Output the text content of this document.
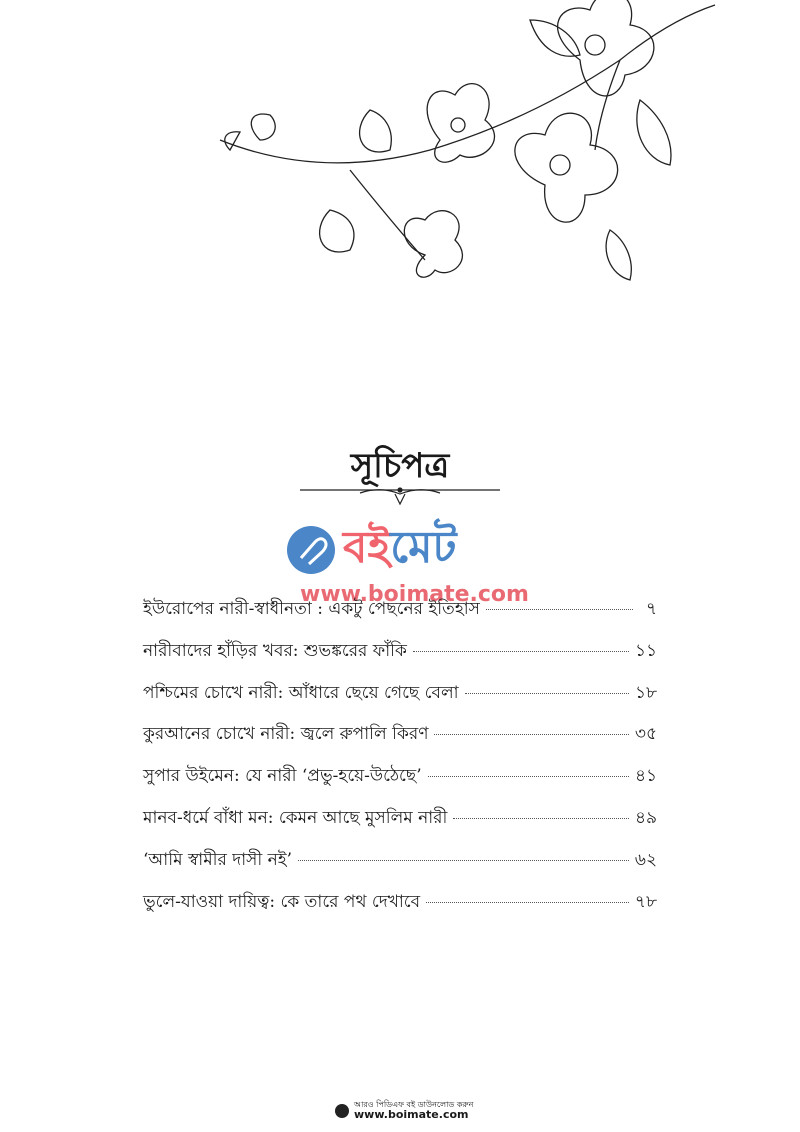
সূচিপত্র
বইমেট
www.boimate.com
ইউরোপের নারী-স্বাধীনতা : একটু পেছনের ইতিহাস	৭
নারীবাদের হাঁড়ির খবর: শুভঙ্করের ফাঁকি	১১
পশ্চিমের চোখে নারী: আঁধারে ছেয়ে গেছে বেলা	১৮
কুরআনের চোখে নারী: জ্বলে রুপালি কিরণ	৩৫
সুপার উইমেন: যে নারী ‘প্রভু-হয়ে-উঠেছে’	৪১
মানব-ধর্মে বাঁধা মন: কেমন আছে মুসলিম নারী	৪৯
‘আমি স্বামীর দাসী নই’	৬২
ভুলে-যাওয়া দায়িত্ব: কে তারে পথ দেখাবে	৭৮
আরও পিডিএফ বই ডাউনলোড করুন
www.boimate.com
